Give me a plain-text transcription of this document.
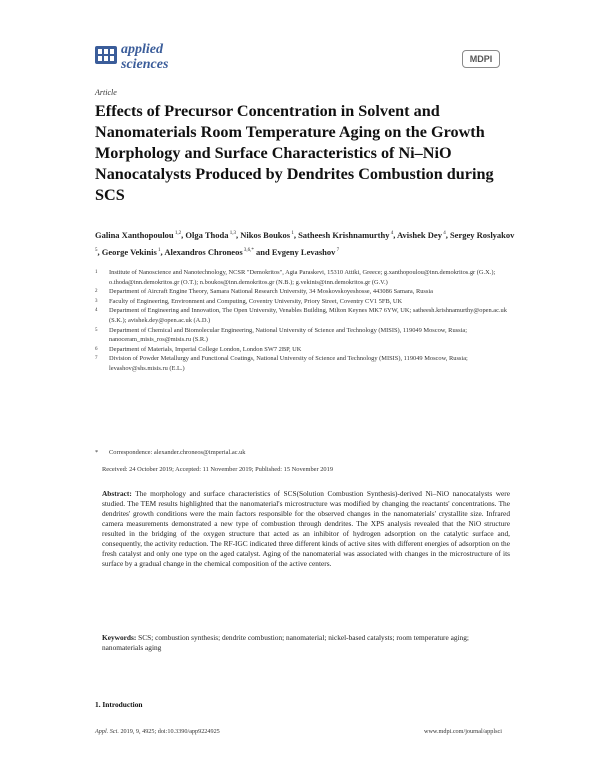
applied
sciences	MDPI
Article
Effects of Precursor Concentration in Solvent and Nanomaterials Room Temperature Aging on the Growth Morphology and Surface Characteristics of Ni–NiO Nanocatalysts Produced by Dendrites Combustion during SCS
Galina Xanthopoulou $^{1,2}$, Olga Thoda $^{1,3}$, Nikos Boukos $^1$, Satheesh Krishnamurthy $^4$, Avishek Dey $^4$, Sergey Roslyakov $^5$, George Vekinis $^1$, Alexandros Chroneos $^{3,6,*}$ and Evgeny Levashov $^7$
1 Institute of Nanoscience and Nanotechnology, NCSR "Demokritos", Agia Paraskevi, 15310 Attiki, Greece; g.xanthopoulou@inn.demokritos.gr (G.X.); o.thoda@inn.demokritos.gr (O.T.); n.boukos@inn.demokritos.gr (N.B.); g.vekinis@inn.demokritos.gr (G.V.)
2 Department of Aircraft Engine Theory, Samara National Research University, 34 Moskovskoyeshosse, 443086 Samara, Russia
3 Faculty of Engineering, Environment and Computing, Coventry University, Priory Street, Coventry CV1 5FB, UK
4 Department of Engineering and Innovation, The Open University, Venables Building, Milton Keynes MK7 6YW, UK; satheesh.krishnamurthy@open.ac.uk (S.K.); avishek.dey@open.ac.uk (A.D.)
5 Department of Chemical and Biomolecular Engineering, National University of Science and Technology (MISIS), 119049 Moscow, Russia; nanoceram_misis_ros@misis.ru (S.R.)
6 Department of Materials, Imperial College London, London SW7 2BP, UK
7 Division of Powder Metallurgy and Functional Coatings, National University of Science and Technology (MISIS), 119049 Moscow, Russia; levashov@shs.misis.ru (E.L.)
* Correspondence: alexander.chroneos@imperial.ac.uk
Received: 24 October 2019; Accepted: 11 November 2019; Published: 15 November 2019

Abstract: The morphology and surface characteristics of SCS(Solution Combustion Synthesis)-derived Ni–NiO nanocatalysts were studied. The TEM results highlighted that the nanomaterial's microstructure was modified by changing the reactants' concentrations. The dendrites' growth conditions were the main factors responsible for the observed changes in the nanomaterials' crystallite size. Infrared camera measurements demonstrated a new type of combustion through dendrites. The XPS analysis revealed that the NiO structure resulted in the bridging of the oxygen structure that acted as an inhibitor of hydrogen adsorption on the catalytic surface and, consequently, the activity reduction. The RF-IGC indicated three different kinds of active sites with different energies of adsorption on the fresh catalyst and only one type on the aged catalyst. Aging of the nanomaterial was associated with changes in the microstructure of its surface by a gradual change in the chemical composition of the active centers.

Keywords: SCS; combustion synthesis; dendrite combustion; nanomaterial; nickel-based catalysts; room temperature aging; nanomaterials aging

1. Introduction
Appl. Sci. 2019, 9, 4925; doi:10.3390/app9224925	www.mdpi.com/journal/applsci
